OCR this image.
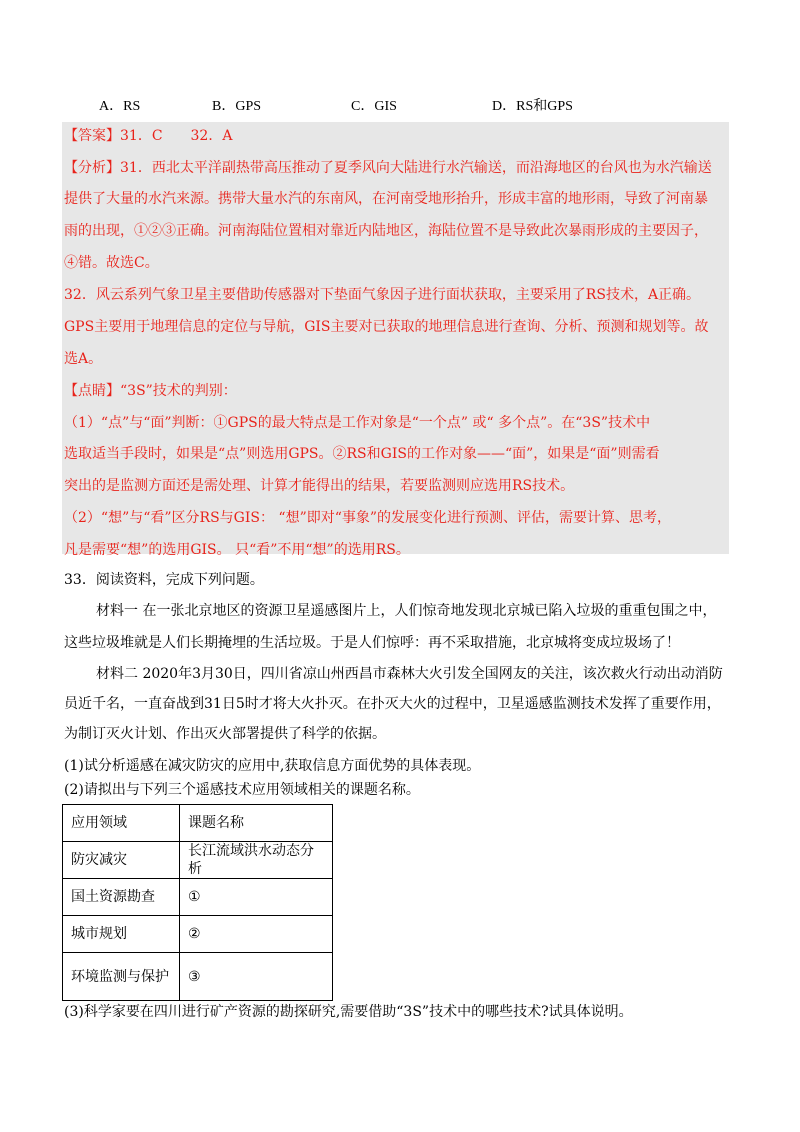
A．RS	B．GPS	C．GIS	D．RS和GPS
【答案】31．C　　32．A
【分析】31．西北太平洋副热带高压推动了夏季风向大陆进行水汽输送，而沿海地区的台风也为水汽输送
提供了大量的水汽来源。携带大量水汽的东南风，在河南受地形抬升，形成丰富的地形雨，导致了河南暴
雨的出现，①②③正确。河南海陆位置相对靠近内陆地区，海陆位置不是导致此次暴雨形成的主要因子，
④错。故选C。
32．风云系列气象卫星主要借助传感器对下垫面气象因子进行面状获取，主要采用了RS技术，A正确。
GPS主要用于地理信息的定位与导航，GIS主要对已获取的地理信息进行查询、分析、预测和规划等。故
选A。
【点睛】“3S”技术的判别：
（1）“点”与“面”判断：①GPS的最大特点是工作对象是“一个点” 或“ 多个点”。在“3S”技术中
选取适当手段时，如果是“点”则选用GPS。②RS和GIS的工作对象——“面”，如果是“面”则需看
突出的是监测方面还是需处理、计算才能得出的结果，若要监测则应选用RS技术。
（2）“想”与“看”区分RS与GIS： “想”即对“事象”的发展变化进行预测、评估，需要计算、思考，
凡是需要“想”的选用GIS。 只“看”不用“想”的选用RS。
33．阅读资料，完成下列问题。
材料一 在一张北京地区的资源卫星遥感图片上，人们惊奇地发现北京城已陷入垃圾的重重包围之中，
这些垃圾堆就是人们长期掩埋的生活垃圾。于是人们惊呼：再不采取措施，北京城将变成垃圾场了！
材料二 2020年3月30日，四川省凉山州西昌市森林大火引发全国网友的关注，该次救火行动出动消防
员近千名，一直奋战到31日5时才将大火扑灭。在扑灭大火的过程中，卫星遥感监测技术发挥了重要作用，
为制订灭火计划、作出灭火部署提供了科学的依据。
(1)试分析遥感在减灾防灾的应用中,获取信息方面优势的具体表现。
(2)请拟出与下列三个遥感技术应用领域相关的课题名称。
应用领域	课题名称
防灾减灾	长江流域洪水动态分析
国土资源勘查	①
城市规划	②
环境监测与保护	③
(3)科学家要在四川进行矿产资源的勘探研究,需要借助“3S”技术中的哪些技术?试具体说明。
